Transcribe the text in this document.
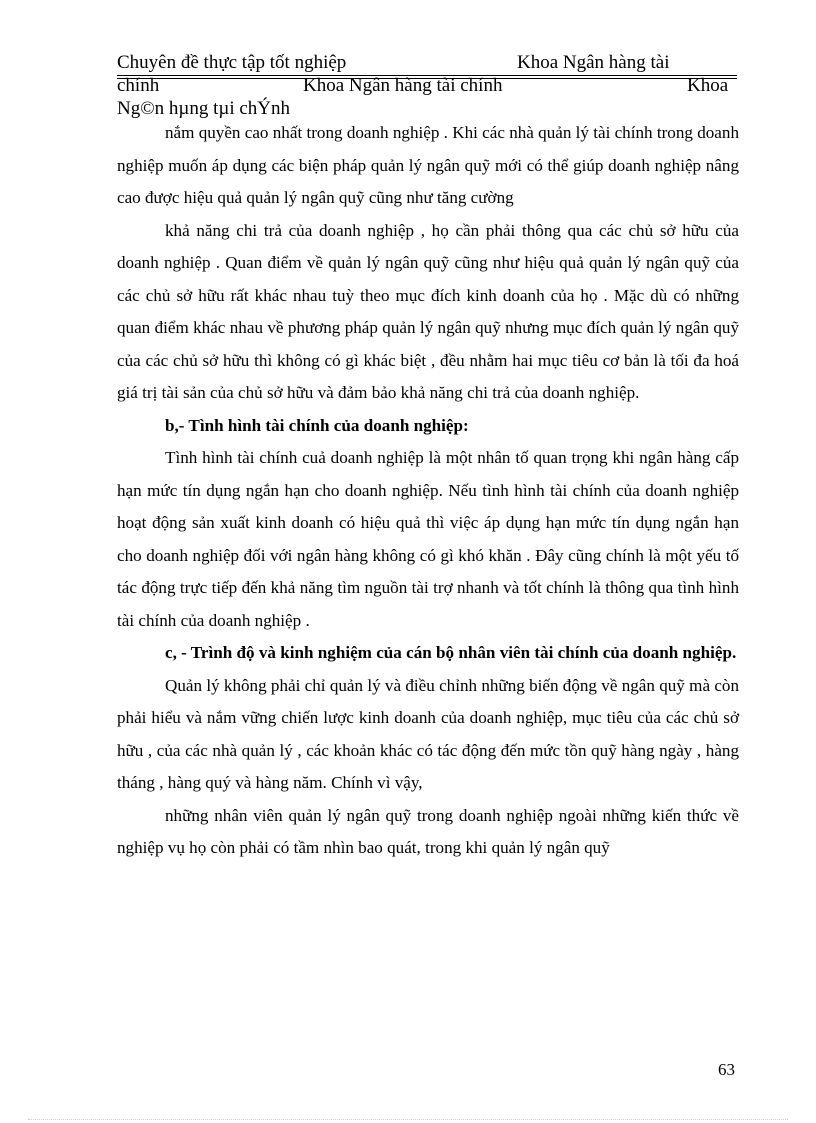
Chuyên đề thực tập tốt nghiệp	Khoa Ngân hàng tài
chính	Khoa Ngân hàng tài chính	Khoa
Ng©n hµng tµi chÝnh

nắm quyền cao nhất trong doanh nghiệp . Khi các nhà quản lý tài chính trong doanh nghiệp muốn áp dụng các biện pháp quản lý ngân quỹ mới có thể giúp doanh nghiệp nâng cao được hiệu quả quản lý ngân quỹ cũng như tăng cường

khả năng chi trả của doanh nghiệp , họ cần phải thông qua các chủ sở hữu của doanh nghiệp . Quan điểm về quản lý ngân quỹ cũng như hiệu quả quản lý ngân quỹ của các chủ sở hữu rất khác nhau tuỳ theo mục đích kinh doanh của họ . Mặc dù có những quan điểm khác nhau về phương pháp quản lý ngân quỹ nhưng mục đích quản lý ngân quỹ của các chủ sở hữu thì không có gì khác biệt , đều nhằm hai mục tiêu cơ bản là tối đa hoá giá trị tài sản của chủ sở hữu và đảm bảo khả năng chi trả của doanh nghiệp.

b,- Tình hình tài chính của doanh nghiệp:

Tình hình tài chính cuả doanh nghiệp là một nhân tố quan trọng khi ngân hàng cấp hạn mức tín dụng ngắn hạn cho doanh nghiệp. Nếu tình hình tài chính của doanh nghiệp hoạt động sản xuất kinh doanh có hiệu quả thì việc áp dụng hạn mức tín dụng ngắn hạn cho doanh nghiệp đối với ngân hàng không có gì khó khăn . Đây cũng chính là một yếu tố tác động trực tiếp đến khả năng tìm nguồn tài trợ nhanh và tốt chính là thông qua tình hình tài chính của doanh nghiệp .

c, - Trình độ và kinh nghiệm của cán bộ nhân viên tài chính của doanh nghiệp.

Quản lý không phải chỉ quản lý và điều chỉnh những biến động về ngân quỹ mà còn phải hiểu và nắm vững chiến lược kinh doanh của doanh nghiệp, mục tiêu của các chủ sở hữu , của các nhà quản lý , các khoản khác có tác động đến mức tồn quỹ hàng ngày , hàng tháng , hàng quý và hàng năm. Chính vì vậy,

những nhân viên quản lý ngân quỹ trong doanh nghiệp ngoài những kiến thức về nghiệp vụ họ còn phải có tầm nhìn bao quát, trong khi quản lý ngân quỹ

63
